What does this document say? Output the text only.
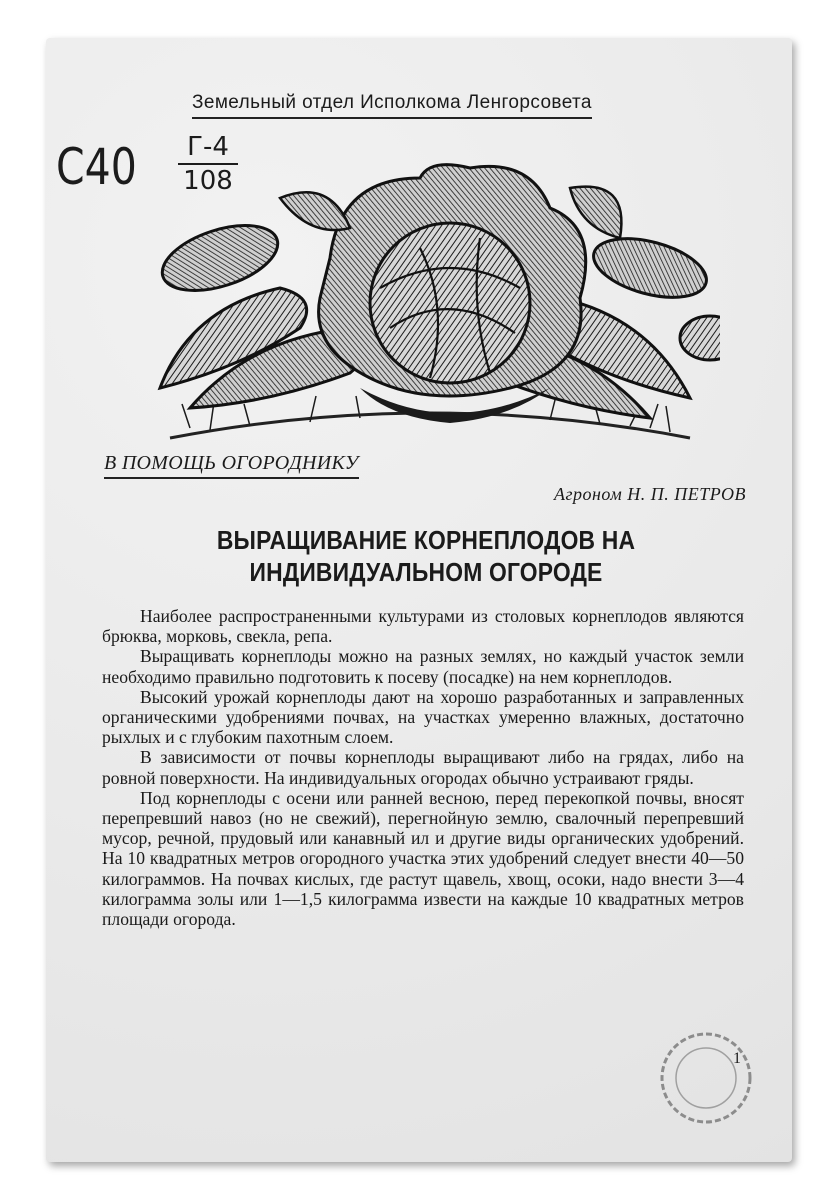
Земельный отдел Исполкома Ленгорсовета
С40	Г-4
108
В ПОМОЩЬ ОГОРОДНИКУ
Агроном Н. П. ПЕТРОВ
ВЫРАЩИВАНИЕ КОРНЕПЛОДОВ НА ИНДИВИДУАЛЬНОМ ОГОРОДЕ

Наиболее распространенными культурами из столовых корнеплодов являются брюква, морковь, свекла, репа.

Выращивать корнеплоды можно на разных землях, но каждый участок земли необходимо правильно подготовить к посеву (посадке) на нем корнеплодов.

Высокий урожай корнеплоды дают на хорошо разработанных и заправленных органическими удобрениями почвах, на участках умеренно влажных, достаточно рыхлых и с глубоким пахотным слоем.

В зависимости от почвы корнеплоды выращивают либо на грядах, либо на ровной поверхности. На индивидуальных огородах обычно устраивают гряды.

Под корнеплоды с осени или ранней весною, перед перекопкой почвы, вносят перепревший навоз (но не свежий), перегнойную землю, свалочный перепревший мусор, речной, прудовый или канавный ил и другие виды органических удобрений. На 10 квадратных метров огородного участка этих удобрений следует внести 40—50 килограммов. На почвах кислых, где растут щавель, хвощ, осоки, надо внести 3—4 килограмма золы или 1—1,5 килограмма извести на каждые 10 квадратных метров площади огорода.

1
